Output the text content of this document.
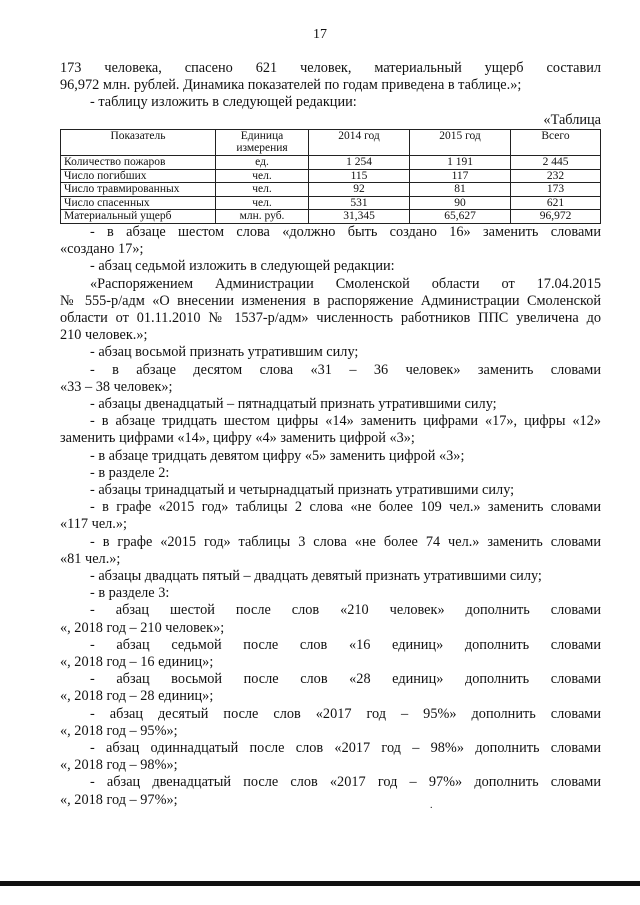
17
173 человека, спасено 621 человек, материальный ущерб составил
96,972 млн. рублей. Динамика показателей по годам приведена в таблице.»;
- таблицу изложить в следующей редакции:
«Таблица
Показатель	Единица измерения	2014 год	2015 год	Всего
Количество пожаров	ед.	1 254	1 191	2 445
Число погибших	чел.	115	117	232
Число травмированных	чел.	92	81	173
Число спасенных	чел.	531	90	621
Материальный ущерб	млн. руб.	31,345	65,627	96,972
- в абзаце шестом слова «должно быть создано 16» заменить словами
«создано 17»;
- абзац седьмой изложить в следующей редакции:
«Распоряжением Администрации Смоленской области от 17.04.2015
№ 555-р/адм «О внесении изменения в распоряжение Администрации Смоленской
области от 01.11.2010 № 1537-р/адм» численность работников ППС увеличена до
210 человек.»;
- абзац восьмой признать утратившим силу;
- в абзаце десятом слова «31 – 36 человек» заменить словами
«33 – 38 человек»;
- абзацы двенадцатый – пятнадцатый признать утратившими силу;
- в абзаце тридцать шестом цифры «14» заменить цифрами «17», цифры «12»
заменить цифрами «14», цифру «4» заменить цифрой «3»;
- в абзаце тридцать девятом цифру «5» заменить цифрой «3»;
- в разделе 2:
- абзацы тринадцатый и четырнадцатый признать утратившими силу;
- в графе «2015 год» таблицы 2 слова «не более 109 чел.» заменить словами
«117 чел.»;
- в графе «2015 год» таблицы 3 слова «не более 74 чел.» заменить словами
«81 чел.»;
- абзацы двадцать пятый – двадцать девятый признать утратившими силу;
- в разделе 3:
- абзац шестой после слов «210 человек» дополнить словами
«, 2018 год – 210 человек»;
- абзац седьмой после слов «16 единиц» дополнить словами
«, 2018 год – 16 единиц»;
- абзац восьмой после слов «28 единиц» дополнить словами
«, 2018 год – 28 единиц»;
- абзац десятый после слов «2017 год – 95%» дополнить словами
«, 2018 год – 95%»;
- абзац одиннадцатый после слов «2017 год – 98%» дополнить словами
«, 2018 год – 98%»;
- абзац двенадцатый после слов «2017 год – 97%» дополнить словами
«, 2018 год – 97%»;	.
